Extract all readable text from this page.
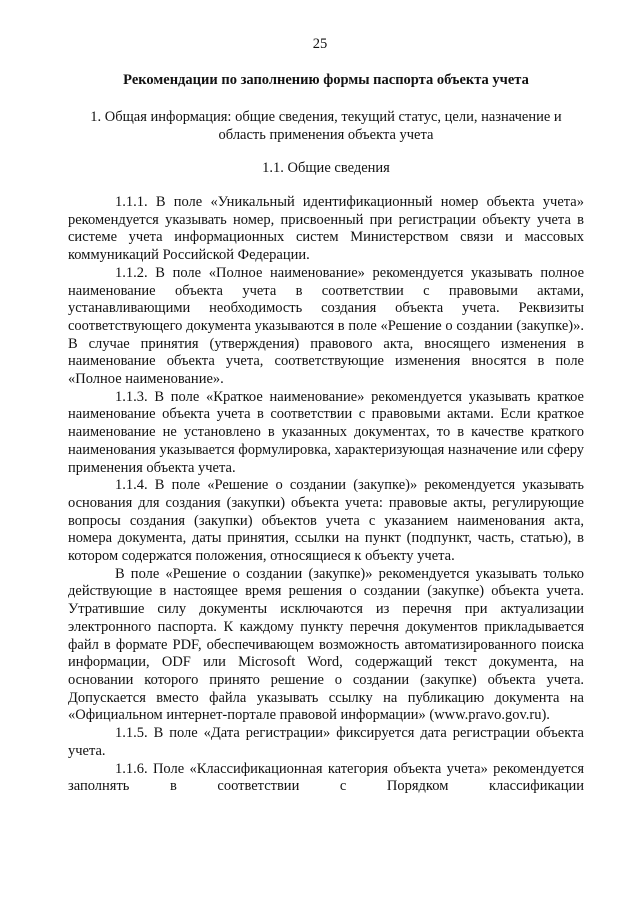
25
Рекомендации по заполнению формы паспорта объекта учета
1. Общая информация: общие сведения, текущий статус, цели, назначение и область применения объекта учета
1.1. Общие сведения

1.1.1. В поле «Уникальный идентификационный номер объекта учета» рекомендуется указывать номер, присвоенный при регистрации объекту учета в системе учета информационных систем Министерством связи и массовых коммуникаций Российской Федерации.

1.1.2. В поле «Полное наименование» рекомендуется указывать полное наименование объекта учета в соответствии с правовыми актами, устанавливающими необходимость создания объекта учета. Реквизиты соответствующего документа указываются в поле «Решение о создании (закупке)». В случае принятия (утверждения) правового акта, вносящего изменения в наименование объекта учета, соответствующие изменения вносятся в поле «Полное наименование».

1.1.3. В поле «Краткое наименование» рекомендуется указывать краткое наименование объекта учета в соответствии с правовыми актами. Если краткое наименование не установлено в указанных документах, то в качестве краткого наименования указывается формулировка, характеризующая назначение или сферу применения объекта учета.

1.1.4. В поле «Решение о создании (закупке)» рекомендуется указывать основания для создания (закупки) объекта учета: правовые акты, регулирующие вопросы создания (закупки) объектов учета с указанием наименования акта, номера документа, даты принятия, ссылки на пункт (подпункт, часть, статью), в котором содержатся положения, относящиеся к объекту учета.

В поле «Решение о создании (закупке)» рекомендуется указывать только действующие в настоящее время решения о создании (закупке) объекта учета. Утратившие силу документы исключаются из перечня при актуализации электронного паспорта. К каждому пункту перечня документов прикладывается файл в формате PDF, обеспечивающем возможность автоматизированного поиска информации, ODF или Microsoft Word, содержащий текст документа, на основании которого принято решение о создании (закупке) объекта учета. Допускается вместо файла указывать ссылку на публикацию документа на «Официальном интернет-портале правовой информации» (www.pravo.gov.ru).

1.1.5. В поле «Дата регистрации» фиксируется дата регистрации объекта учета.

1.1.6. Поле «Классификационная категория объекта учета» рекомендуется заполнять в соответствии с Порядком классификации
